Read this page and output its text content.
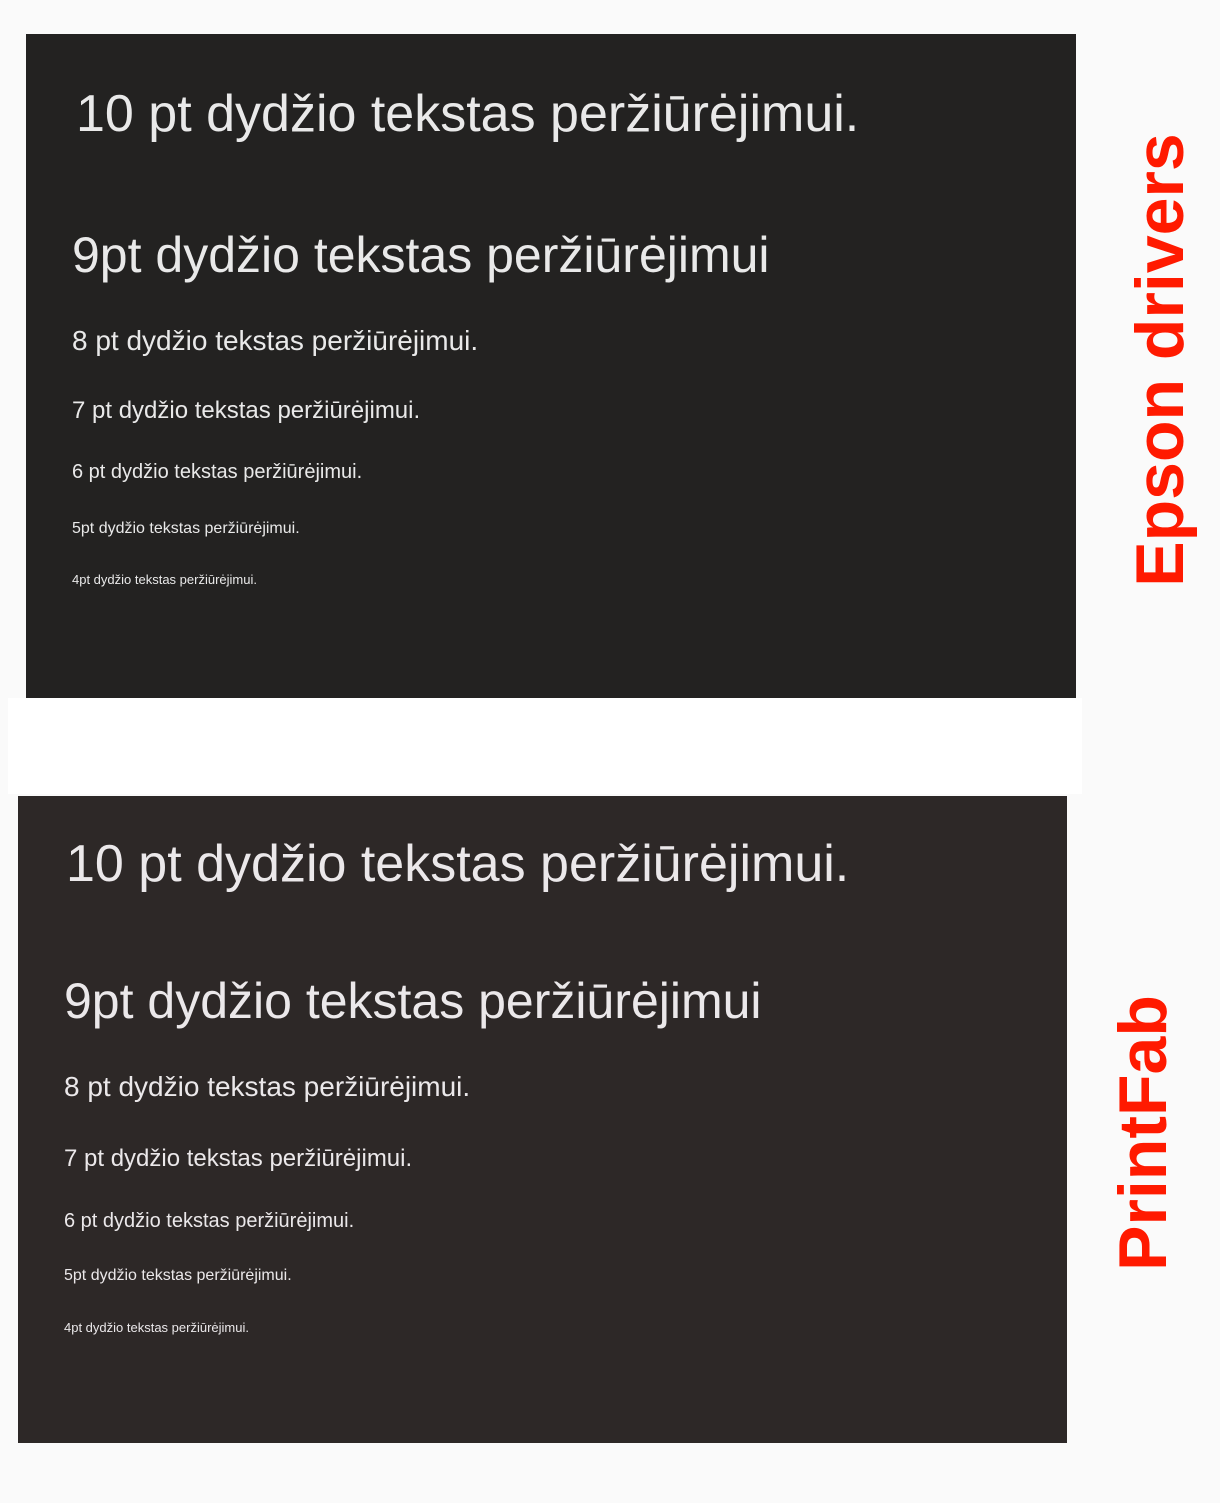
10 pt dydžio tekstas peržiūrėjimui.
9pt dydžio tekstas peržiūrėjimui
8 pt dydžio tekstas peržiūrėjimui.
7 pt dydžio tekstas peržiūrėjimui.
6 pt dydžio tekstas peržiūrėjimui.
5pt dydžio tekstas peržiūrėjimui.
4pt dydžio tekstas peržiūrėjimui.
10 pt dydžio tekstas peržiūrėjimui.
9pt dydžio tekstas peržiūrėjimui
8 pt dydžio tekstas peržiūrėjimui.
7 pt dydžio tekstas peržiūrėjimui.
6 pt dydžio tekstas peržiūrėjimui.
5pt dydžio tekstas peržiūrėjimui.
4pt dydžio tekstas peržiūrėjimui.
Epson drivers
PrintFab
